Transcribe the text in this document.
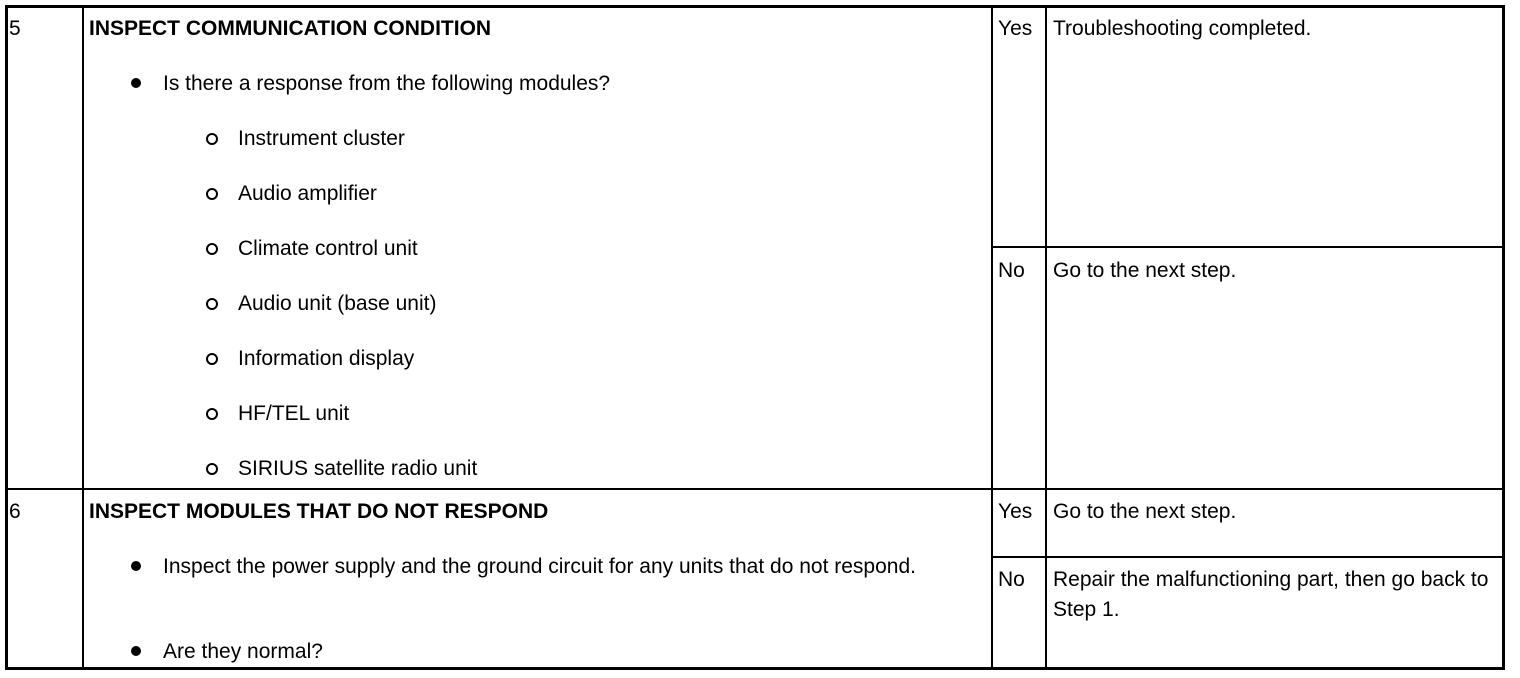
5	INSPECT COMMUNICATION CONDITION
Is there a response from the following modules?
Instrument cluster
Audio amplifier
Climate control unit
Audio unit (base unit)
Information display
HF/TEL unit
SIRIUS satellite radio unit
Yes Troubleshooting completed.
No Go to the next step.
6	INSPECT MODULES THAT DO NOT RESPOND
Inspect the power supply and the ground circuit for any units that do not respond.
Are they normal?
Yes Go to the next step.
No Repair the malfunctioning part, then go back to Step 1.
